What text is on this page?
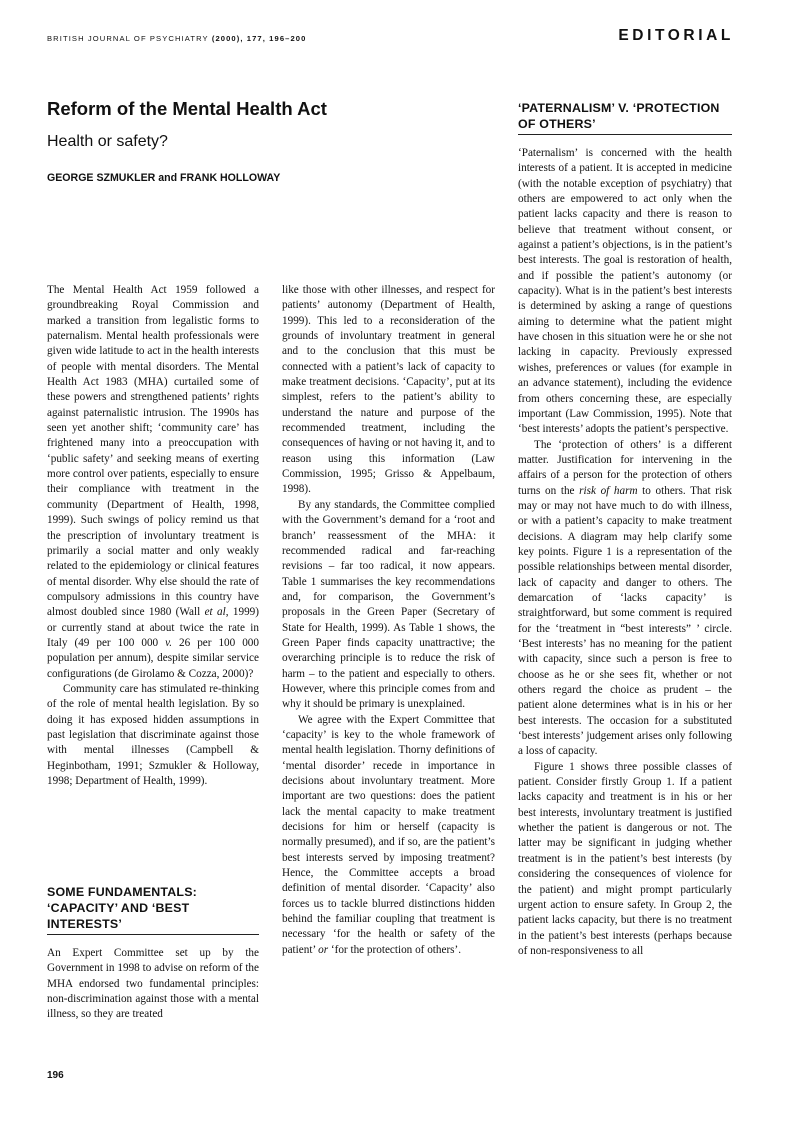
BRITISH JOURNAL OF PSYCHIATRY (2000), 177, 196–200	EDITORIAL
Reform of the Mental Health Act
Health or safety?
GEORGE SZMUKLER and FRANK HOLLOWAY

The Mental Health Act 1959 followed a groundbreaking Royal Commission and marked a transition from legalistic forms to paternalism. Mental health professionals were given wide latitude to act in the health interests of people with mental disorders. The Mental Health Act 1983 (MHA) curtailed some of these powers and strengthened patients’ rights against paternalistic intrusion. The 1990s has seen yet another shift; ‘community care’ has frightened many into a preoccupation with ‘public safety’ and seeking means of exerting more control over patients, especially to ensure their compliance with treatment in the community (Department of Health, 1998, 1999). Such swings of policy remind us that the prescription of involuntary treatment is primarily a social matter and only weakly related to the epidemiology or clinical features of mental disorder. Why else should the rate of compulsory admissions in this country have almost doubled since 1980 (Wall et al, 1999) or currently stand at about twice the rate in Italy (49 per 100 000 v. 26 per 100 000 population per annum), despite similar service configurations (de Girolamo & Cozza, 2000)?

Community care has stimulated re-thinking of the role of mental health legislation. By so doing it has exposed hidden assumptions in past legislation that discriminate against those with mental illnesses (Campbell & Heginbotham, 1991; Szmukler & Holloway, 1998; Department of Health, 1999).

SOME FUNDAMENTALS: ‘CAPACITY’ AND ‘BEST INTERESTS’

An Expert Committee set up by the Government in 1998 to advise on reform of the MHA endorsed two fundamental principles: non-discrimination against those with a mental illness, so they are treated

like those with other illnesses, and respect for patients’ autonomy (Department of Health, 1999). This led to a reconsideration of the grounds of involuntary treatment in general and to the conclusion that this must be connected with a patient’s lack of capacity to make treatment decisions. ‘Capacity’, put at its simplest, refers to the patient’s ability to understand the nature and purpose of the recommended treatment, including the consequences of having or not having it, and to reason using this information (Law Commission, 1995; Grisso & Appelbaum, 1998).

By any standards, the Committee complied with the Government’s demand for a ‘root and branch’ reassessment of the MHA: it recommended radical and far-reaching revisions – far too radical, it now appears. Table 1 summarises the key recommendations and, for comparison, the Government’s proposals in the Green Paper (Secretary of State for Health, 1999). As Table 1 shows, the Green Paper finds capacity unattractive; the overarching principle is to reduce the risk of harm – to the patient and especially to others. However, where this principle comes from and why it should be primary is unexplained.

We agree with the Expert Committee that ‘capacity’ is key to the whole framework of mental health legislation. Thorny definitions of ‘mental disorder’ recede in importance in decisions about involuntary treatment. More important are two questions: does the patient lack the mental capacity to make treatment decisions for him or herself (capacity is normally presumed), and if so, are the patient’s best interests served by imposing treatment? Hence, the Committee accepts a broad definition of mental disorder. ‘Capacity’ also forces us to tackle blurred distinctions hidden behind the familiar coupling that treatment is necessary ‘for the health or safety of the patient’ or ‘for the protection of others’.

‘PATERNALISM’ V. ‘PROTECTION OF OTHERS’

‘Paternalism’ is concerned with the health interests of a patient. It is accepted in medicine (with the notable exception of psychiatry) that others are empowered to act only when the patient lacks capacity and there is reason to believe that treatment without consent, or against a patient’s objections, is in the patient’s best interests. The goal is restoration of health, and if possible the patient’s autonomy (or capacity). What is in the patient’s best interests is determined by asking a range of questions aiming to determine what the patient might have chosen in this situation were he or she not lacking in capacity. Previously expressed wishes, preferences or values (for example in an advance statement), including the evidence from others concerning these, are especially important (Law Commission, 1995). Note that ‘best interests’ adopts the patient’s perspective.

The ‘protection of others’ is a different matter. Justification for intervening in the affairs of a person for the protection of others turns on the risk of harm to others. That risk may or may not have much to do with illness, or with a patient’s capacity to make treatment decisions. A diagram may help clarify some key points. Figure 1 is a representation of the possible relationships between mental disorder, lack of capacity and danger to others. The demarcation of ‘lacks capacity’ is straightforward, but some comment is required for the ‘treatment in “best interests” ’ circle. ‘Best interests’ has no meaning for the patient with capacity, since such a person is free to choose as he or she sees fit, whether or not others regard the choice as prudent – the patient alone determines what is in his or her best interests. The occasion for a substituted ‘best interests’ judgement arises only following a loss of capacity.

Figure 1 shows three possible classes of patient. Consider firstly Group 1. If a patient lacks capacity and treatment is in his or her best interests, involuntary treatment is justified whether the patient is dangerous or not. The latter may be significant in judging whether treatment is in the patient’s best interests (by considering the consequences of violence for the patient) and might prompt particularly urgent action to ensure safety. In Group 2, the patient lacks capacity, but there is no treatment in the patient’s best interests (perhaps because of non-responsiveness to all

196
